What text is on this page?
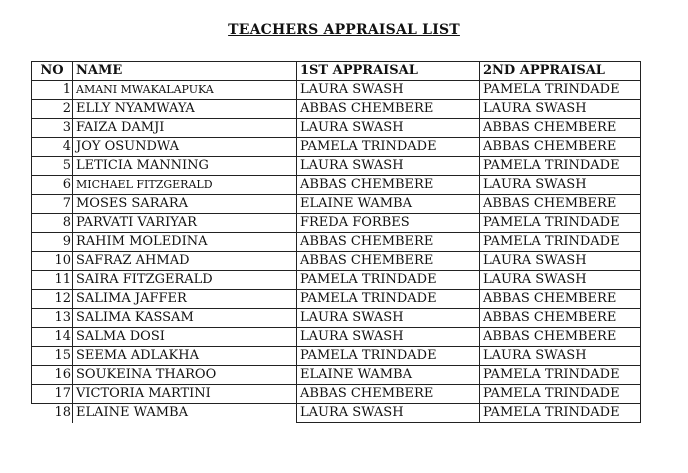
TEACHERS APPRAISAL LIST
NO	NAME	1ST APPRAISAL	2ND APPRAISAL
1	AMANI MWAKALAPUKA	LAURA SWASH	PAMELA TRINDADE
2	ELLY NYAMWAYA	ABBAS CHEMBERE	LAURA SWASH
3	FAIZA DAMJI	LAURA SWASH	ABBAS CHEMBERE
4	JOY OSUNDWA	PAMELA TRINDADE	ABBAS CHEMBERE
5	LETICIA MANNING	LAURA SWASH	PAMELA TRINDADE
6	MICHAEL FITZGERALD	ABBAS CHEMBERE	LAURA SWASH
7	MOSES SARARA	ELAINE WAMBA	ABBAS CHEMBERE
8	PARVATI VARIYAR	FREDA FORBES	PAMELA TRINDADE
9	RAHIM MOLEDINA	ABBAS CHEMBERE	PAMELA TRINDADE
10	SAFRAZ AHMAD	ABBAS CHEMBERE	LAURA SWASH
11	SAIRA FITZGERALD	PAMELA TRINDADE	LAURA SWASH
12	SALIMA JAFFER	PAMELA TRINDADE	ABBAS CHEMBERE
13	SALIMA KASSAM	LAURA SWASH	ABBAS CHEMBERE
14	SALMA DOSI	LAURA SWASH	ABBAS CHEMBERE
15	SEEMA ADLAKHA	PAMELA TRINDADE	LAURA SWASH
16	SOUKEINA THAROO	ELAINE WAMBA	PAMELA TRINDADE
17	VICTORIA MARTINI	ABBAS CHEMBERE	PAMELA TRINDADE
18	ELAINE WAMBA	LAURA SWASH	PAMELA TRINDADE
